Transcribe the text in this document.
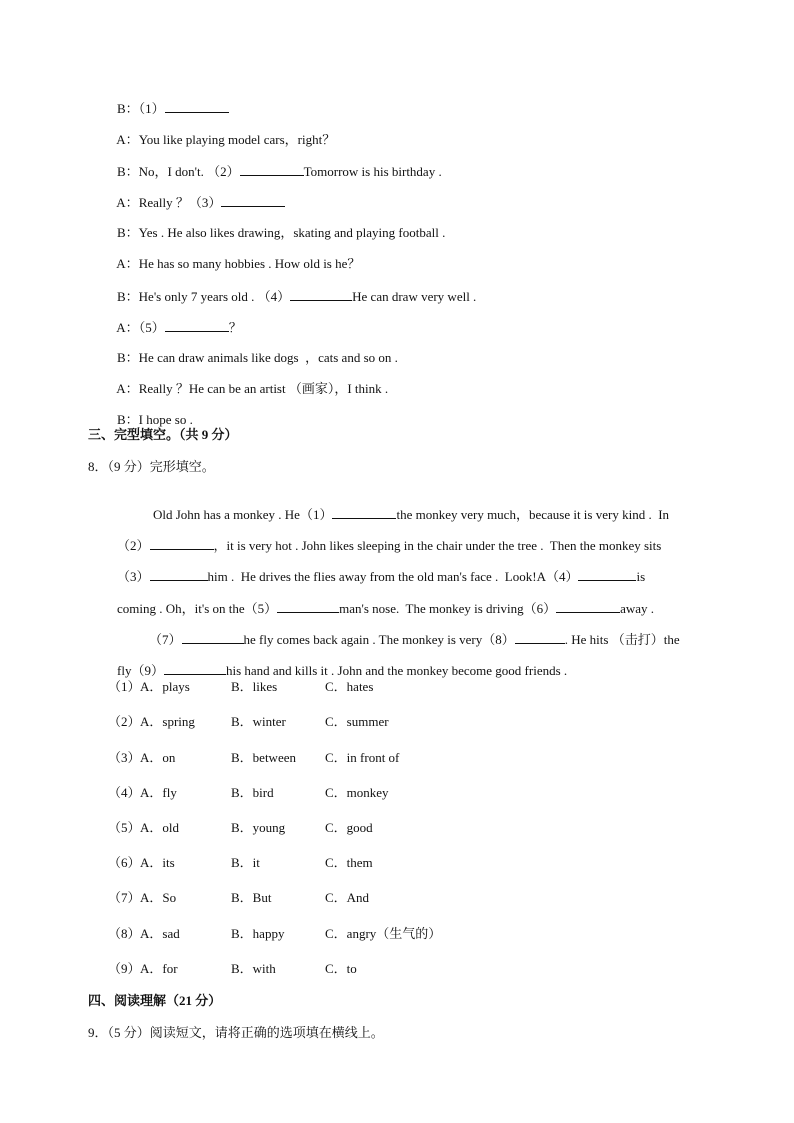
B：（1）

A：You like playing model cars，right？

B：No，I don't. （2）	Tomorrow is his birthday .

A：Really ？（3）

B：Yes . He also likes drawing，skating and playing football .

A：He has so many hobbies . How old is he？

B：He's only 7 years old . （4）	He can draw very well .

A：（5）	？

B：He can draw animals like dogs  ，cats and so on .

A：Really ？He can be an artist （画家），I think .

B：I hope so .

三、完型填空。（共 9 分）
8．（9 分）完形填空。

Old John has a monkey . He（1）	the monkey very much，because it is very kind .  In

（2）	，it is very hot . John likes sleeping in the chair under the tree .  Then the monkey sits

（3）	him .  He drives the flies away from the old man's face .  Look!A（4）	is

coming . Oh，it's on the（5）	man's nose.  The monkey is driving（6）	away .

（7）	he fly comes back again . The monkey is very（8）	. He hits （击打）the

fly（9）	his hand and kills it . John and the monkey become good friends .

（1） A．plays	B．likes	C．hates
（2） A．spring	B．winter	C．summer
（3） A．on	B．between C．in front of
（4） A．fly	B．bird	C．monkey
（5） A．old	B．young	C．good
（6） A．its	B．it	C．them
（7） A．So	B．But	C．And
（8） A．sad	B．happy	C．angry（生气的）
（9） A．for	B．with	C．to
四、阅读理解（21 分）
9．（5 分）阅读短文，请将正确的选项填在横线上。
